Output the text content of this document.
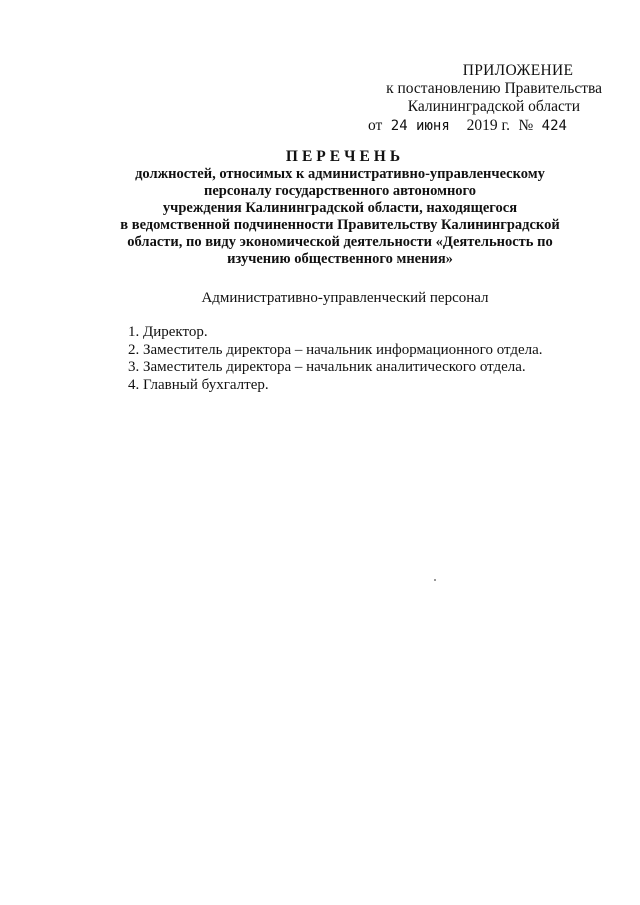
ПРИЛОЖЕНИЕ
к постановлению Правительства
Калининградской области
от 24 июня 2019 г. № 424
ПЕРЕЧЕНЬ
должностей, относимых к административно-управленческому
персоналу государственного автономного
учреждения Калининградской области, находящегося
в ведомственной подчиненности Правительству Калининградской
области, по виду экономической деятельности «Деятельность по
изучению общественного мнения»
Административно-управленческий персонал
1. Директор.
2. Заместитель директора – начальник информационного отдела.
3. Заместитель директора – начальник аналитического отдела.
4. Главный бухгалтер.
